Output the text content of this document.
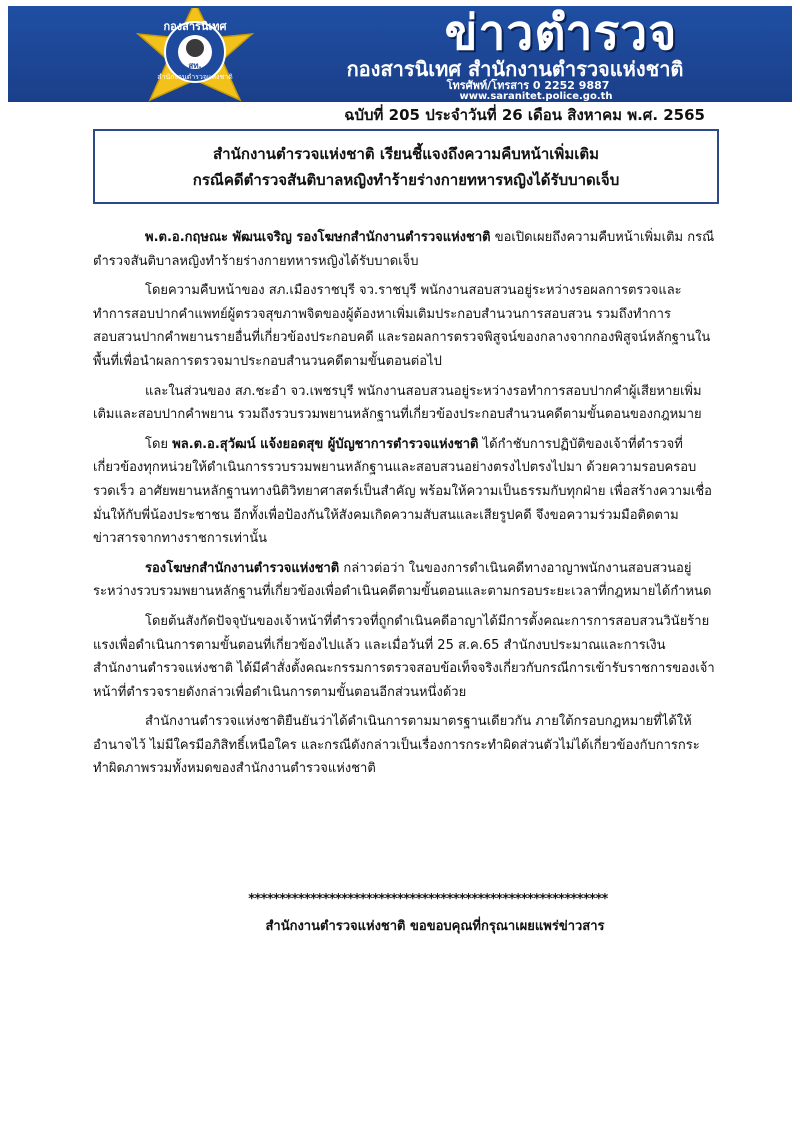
สท.
กองสารนิเทศ
สำนักงานตำรวจแห่งชาติ
ข่าวตำรวจ
กองสารนิเทศ สำนักงานตำรวจแห่งชาติ
โทรศัพท์/โทรสาร 0 2252 9887
www.saranitet.police.go.th
ฉบับที่ 205 ประจำวันที่ 26 เดือน สิงหาคม พ.ศ. 2565
สำนักงานตำรวจแห่งชาติ เรียนชี้แจงถึงความคืบหน้าเพิ่มเติม
กรณีคดีตำรวจสันติบาลหญิงทำร้ายร่างกายทหารหญิงได้รับบาดเจ็บ

พ.ต.อ.กฤษณะ พัฒนเจริญ รองโฆษกสำนักงานตำรวจแห่งชาติ ขอเปิดเผยถึงความคืบหน้าเพิ่มเติม กรณีตำรวจสันติบาลหญิงทำร้ายร่างกายทหารหญิงได้รับบาดเจ็บ

โดยความคืบหน้าของ สภ.เมืองราชบุรี จว.ราชบุรี พนักงานสอบสวนอยู่ระหว่างรอผลการตรวจและทำการสอบปากคำแพทย์ผู้ตรวจสุขภาพจิตของผู้ต้องหาเพิ่มเติมประกอบสำนวนการสอบสวน รวมถึงทำการสอบสวนปากคำพยานรายอื่นที่เกี่ยวข้องประกอบคดี และรอผลการตรวจพิสูจน์ของกลางจากกองพิสูจน์หลักฐานในพื้นที่เพื่อนำผลการตรวจมาประกอบสำนวนคดีตามขั้นตอนต่อไป

และในส่วนของ สภ.ชะอำ จว.เพชรบุรี พนักงานสอบสวนอยู่ระหว่างรอทำการสอบปากคำผู้เสียหายเพิ่มเติมและสอบปากคำพยาน รวมถึงรวบรวมพยานหลักฐานที่เกี่ยวข้องประกอบสำนวนคดีตามขั้นตอนของกฎหมาย

โดย พล.ต.อ.สุวัฒน์ แจ้งยอดสุข ผู้บัญชาการตำรวจแห่งชาติ ได้กำชับการปฏิบัติของเจ้าที่ตำรวจที่เกี่ยวข้องทุกหน่วยให้ดำเนินการรวบรวมพยานหลักฐานและสอบสวนอย่างตรงไปตรงไปมา ด้วยความรอบครอบ รวดเร็ว อาศัยพยานหลักฐานทางนิติวิทยาศาสตร์เป็นสำคัญ พร้อมให้ความเป็นธรรมกับทุกฝ่าย เพื่อสร้างความเชื่อมั่นให้กับพี่น้องประชาชน อีกทั้งเพื่อป้องกันให้สังคมเกิดความสับสนและเสียรูปคดี จึงขอความร่วมมือติดตามข่าวสารจากทางราชการเท่านั้น

รองโฆษกสำนักงานตำรวจแห่งชาติ กล่าวต่อว่า ในของการดำเนินคดีทางอาญาพนักงานสอบสวนอยู่ระหว่างรวบรวมพยานหลักฐานที่เกี่ยวข้องเพื่อดำเนินคดีตามขั้นตอนและตามกรอบระยะเวลาที่กฎหมายได้กำหนด

โดยต้นสังกัดปัจจุบันของเจ้าหน้าที่ตำรวจที่ถูกดำเนินคดีอาญาได้มีการตั้งคณะการการสอบสวนวินัยร้ายแรงเพื่อดำเนินการตามขั้นตอนที่เกี่ยวข้องไปแล้ว และเมื่อวันที่ 25 ส.ค.65 สำนักงบประมาณและการเงินสำนักงานตำรวจแห่งชาติ ได้มีคำสั่งตั้งคณะกรรมการตรวจสอบข้อเท็จจริงเกี่ยวกับกรณีการเข้ารับราชการของเจ้าหน้าที่ตำรวจรายดังกล่าวเพื่อดำเนินการตามขั้นตอนอีกส่วนหนึ่งด้วย

สำนักงานตำรวจแห่งชาติยืนยันว่าได้ดำเนินการตามมาตรฐานเดียวกัน ภายใต้กรอบกฎหมายที่ได้ให้อำนาจไว้ ไม่มีใครมีอภิสิทธิ์เหนือใคร และกรณีดังกล่าวเป็นเรื่องการกระทำผิดส่วนตัวไม่ได้เกี่ยวข้องกับการกระทำผิดภาพรวมทั้งหมดของสำนักงานตำรวจแห่งชาติ

**********************************************************
สำนักงานตำรวจแห่งชาติ ขอขอบคุณที่กรุณาเผยแพร่ข่าวสาร
